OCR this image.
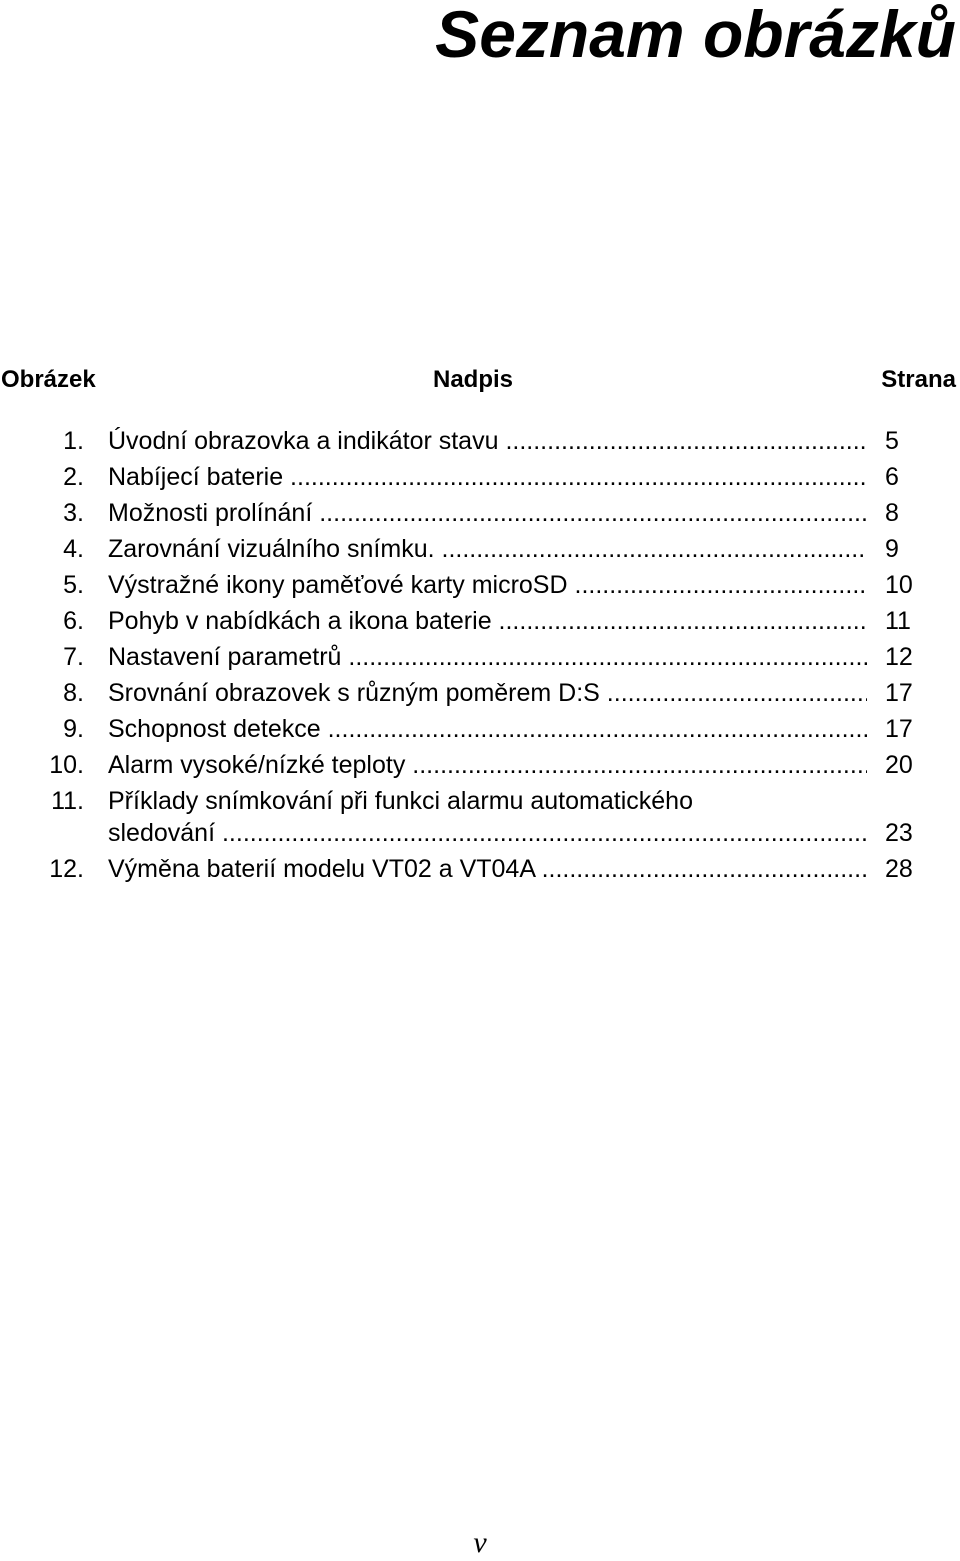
Seznam obrázků
Obrázek	Nadpis	Strana
1. Úvodní obrazovka a indikátor stavu .....	5
2. Nabíjecí baterie .....	6
3. Možnosti prolínání .....	8
4. Zarovnání vizuálního snímku. .....	9
5. Výstražné ikony paměťové karty microSD .....	10
6. Pohyb v nabídkách a ikona baterie .....	11
7. Nastavení parametrů .....	12
8. Srovnání obrazovek s různým poměrem D:S .....	17
9. Schopnost detekce .....	17
10. Alarm vysoké/nízké teploty .....	20
11. Příklady snímkování při funkci alarmu automatického
sledování .....	23
12. Výměna baterií modelu VT02 a VT04A .....	28
v
